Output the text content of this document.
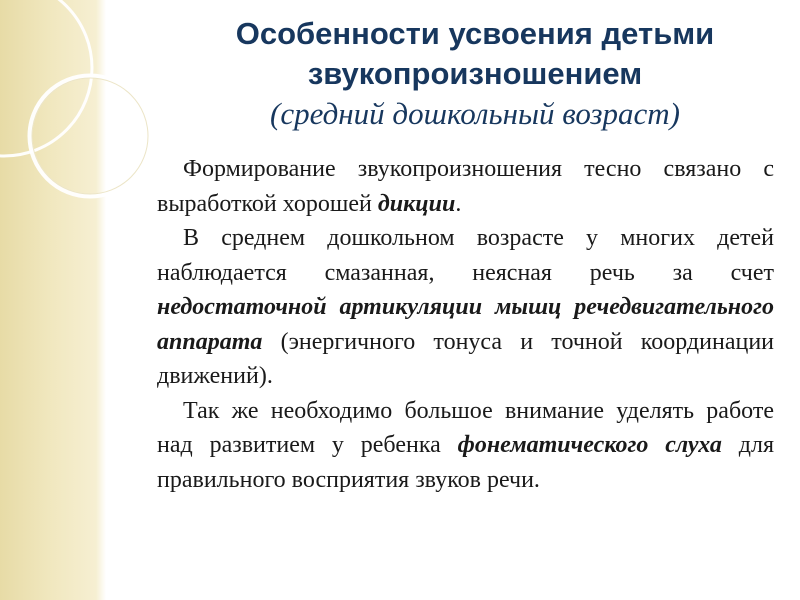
Особенности усвоения детьми

звукопроизношением

(средний дошкольный возраст)

Формирование звукопроизношения тесно связано с выработкой хорошей дикции.

В среднем дошкольном возрасте у многих детей наблюдается смазанная, неясная речь за счет недостаточной артикуляции мышц речедвигательного аппарата (энергичного тонуса и точной координации движений).

Так же необходимо большое внимание уделять работе над развитием у ребенка фонематического слуха для правильного восприятия звуков речи.
